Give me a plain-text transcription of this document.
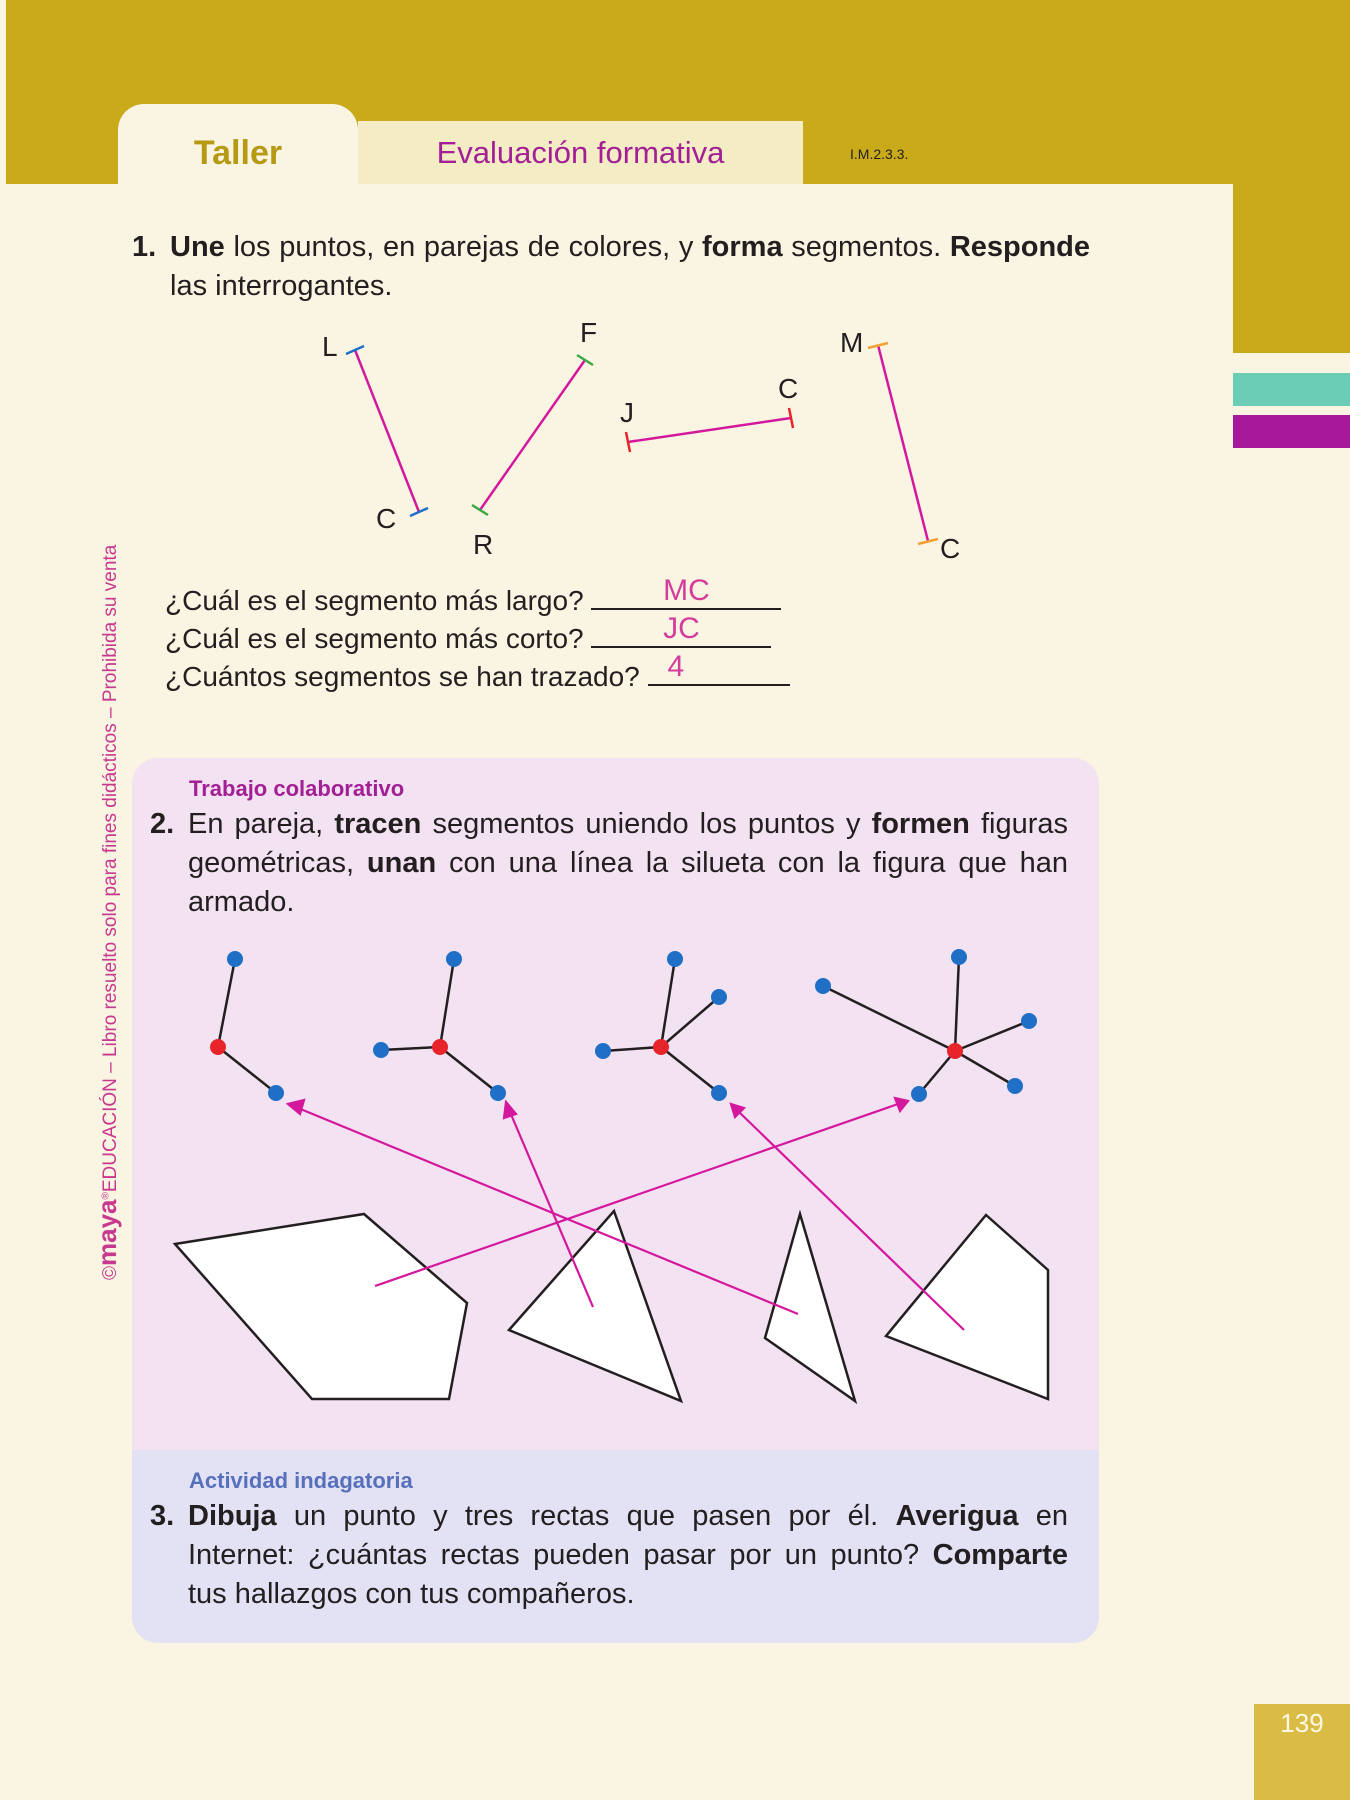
Taller	Evaluación formativa	I.M.2.3.3.
©maya®EDUCACIÓN – Libro resuelto solo para fines didácticos – Prohibida su venta
1. Une los puntos, en parejas de colores, y forma segmentos. Responde las interrogantes.
L
C
F
R
J
C
M
C
¿Cuál es el segmento más largo?	MC
¿Cuál es el segmento más corto?	JC
¿Cuántos segmentos se han trazado? 4
Trabajo colaborativo
2. En pareja, tracen segmentos uniendo los puntos y formen figuras geométricas, unan con una línea la silueta con la figura que han armado.
Actividad indagatoria
3. Dibuja un punto y tres rectas que pasen por él. Averigua en Internet: ¿cuántas rectas pueden pasar por un punto? Comparte tus hallazgos con tus compañeros.
139
